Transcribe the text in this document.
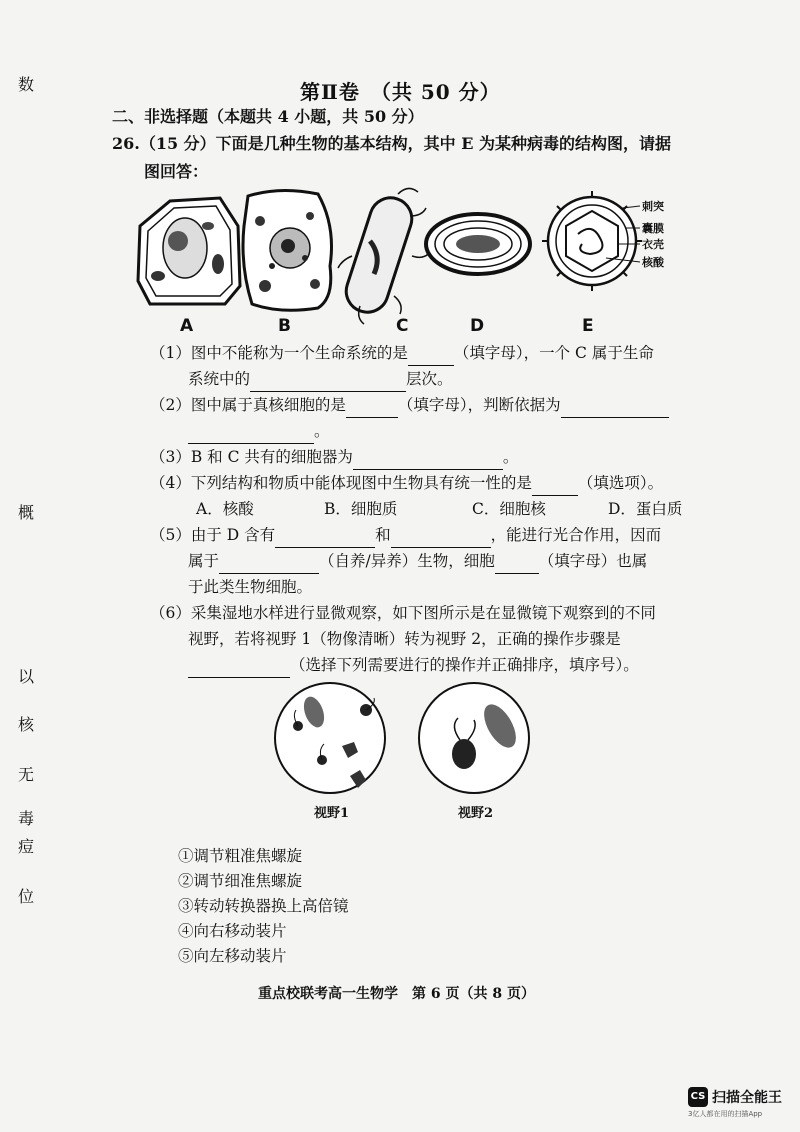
数
概
以
核
无
毒
痘
位
第Ⅱ卷　（共 50 分）
二、非选择题（本题共 4 小题，共 50 分）
26.（15 分）下面是几种生物的基本结构，其中 E 为某种病毒的结构图，请据
图回答：
刺突
囊膜
衣壳
核酸
A	B	C	D	E
（1）图中不能称为一个生命系统的是	（填字母），一个 C 属于生命
系统中的	层次。
（2）图中属于真核细胞的是	（填字母），判断依据为
。
（3）B 和 C 共有的细胞器为	。
（4）下列结构和物质中能体现图中生物具有统一性的是	（填选项）。
A．核酸	B．细胞质	C．细胞核	D．蛋白质
（5）由于 D 含有	和	，能进行光合作用，因而
属于	（自养/异养）生物，细胞	（填字母）也属
于此类生物细胞。
（6）采集湿地水样进行显微观察，如下图所示是在显微镜下观察到的不同
视野，若将视野 1（物像清晰）转为视野 2，正确的操作步骤是
（选择下列需要进行的操作并正确排序，填序号）。
视野1	视野2
①调节粗准焦螺旋
②调节细准焦螺旋
③转动转换器换上高倍镜
④向右移动装片
⑤向左移动装片
重点校联考高一生物学　第 6 页（共 8 页）
CS 扫描全能王
3亿人都在用的扫描App
